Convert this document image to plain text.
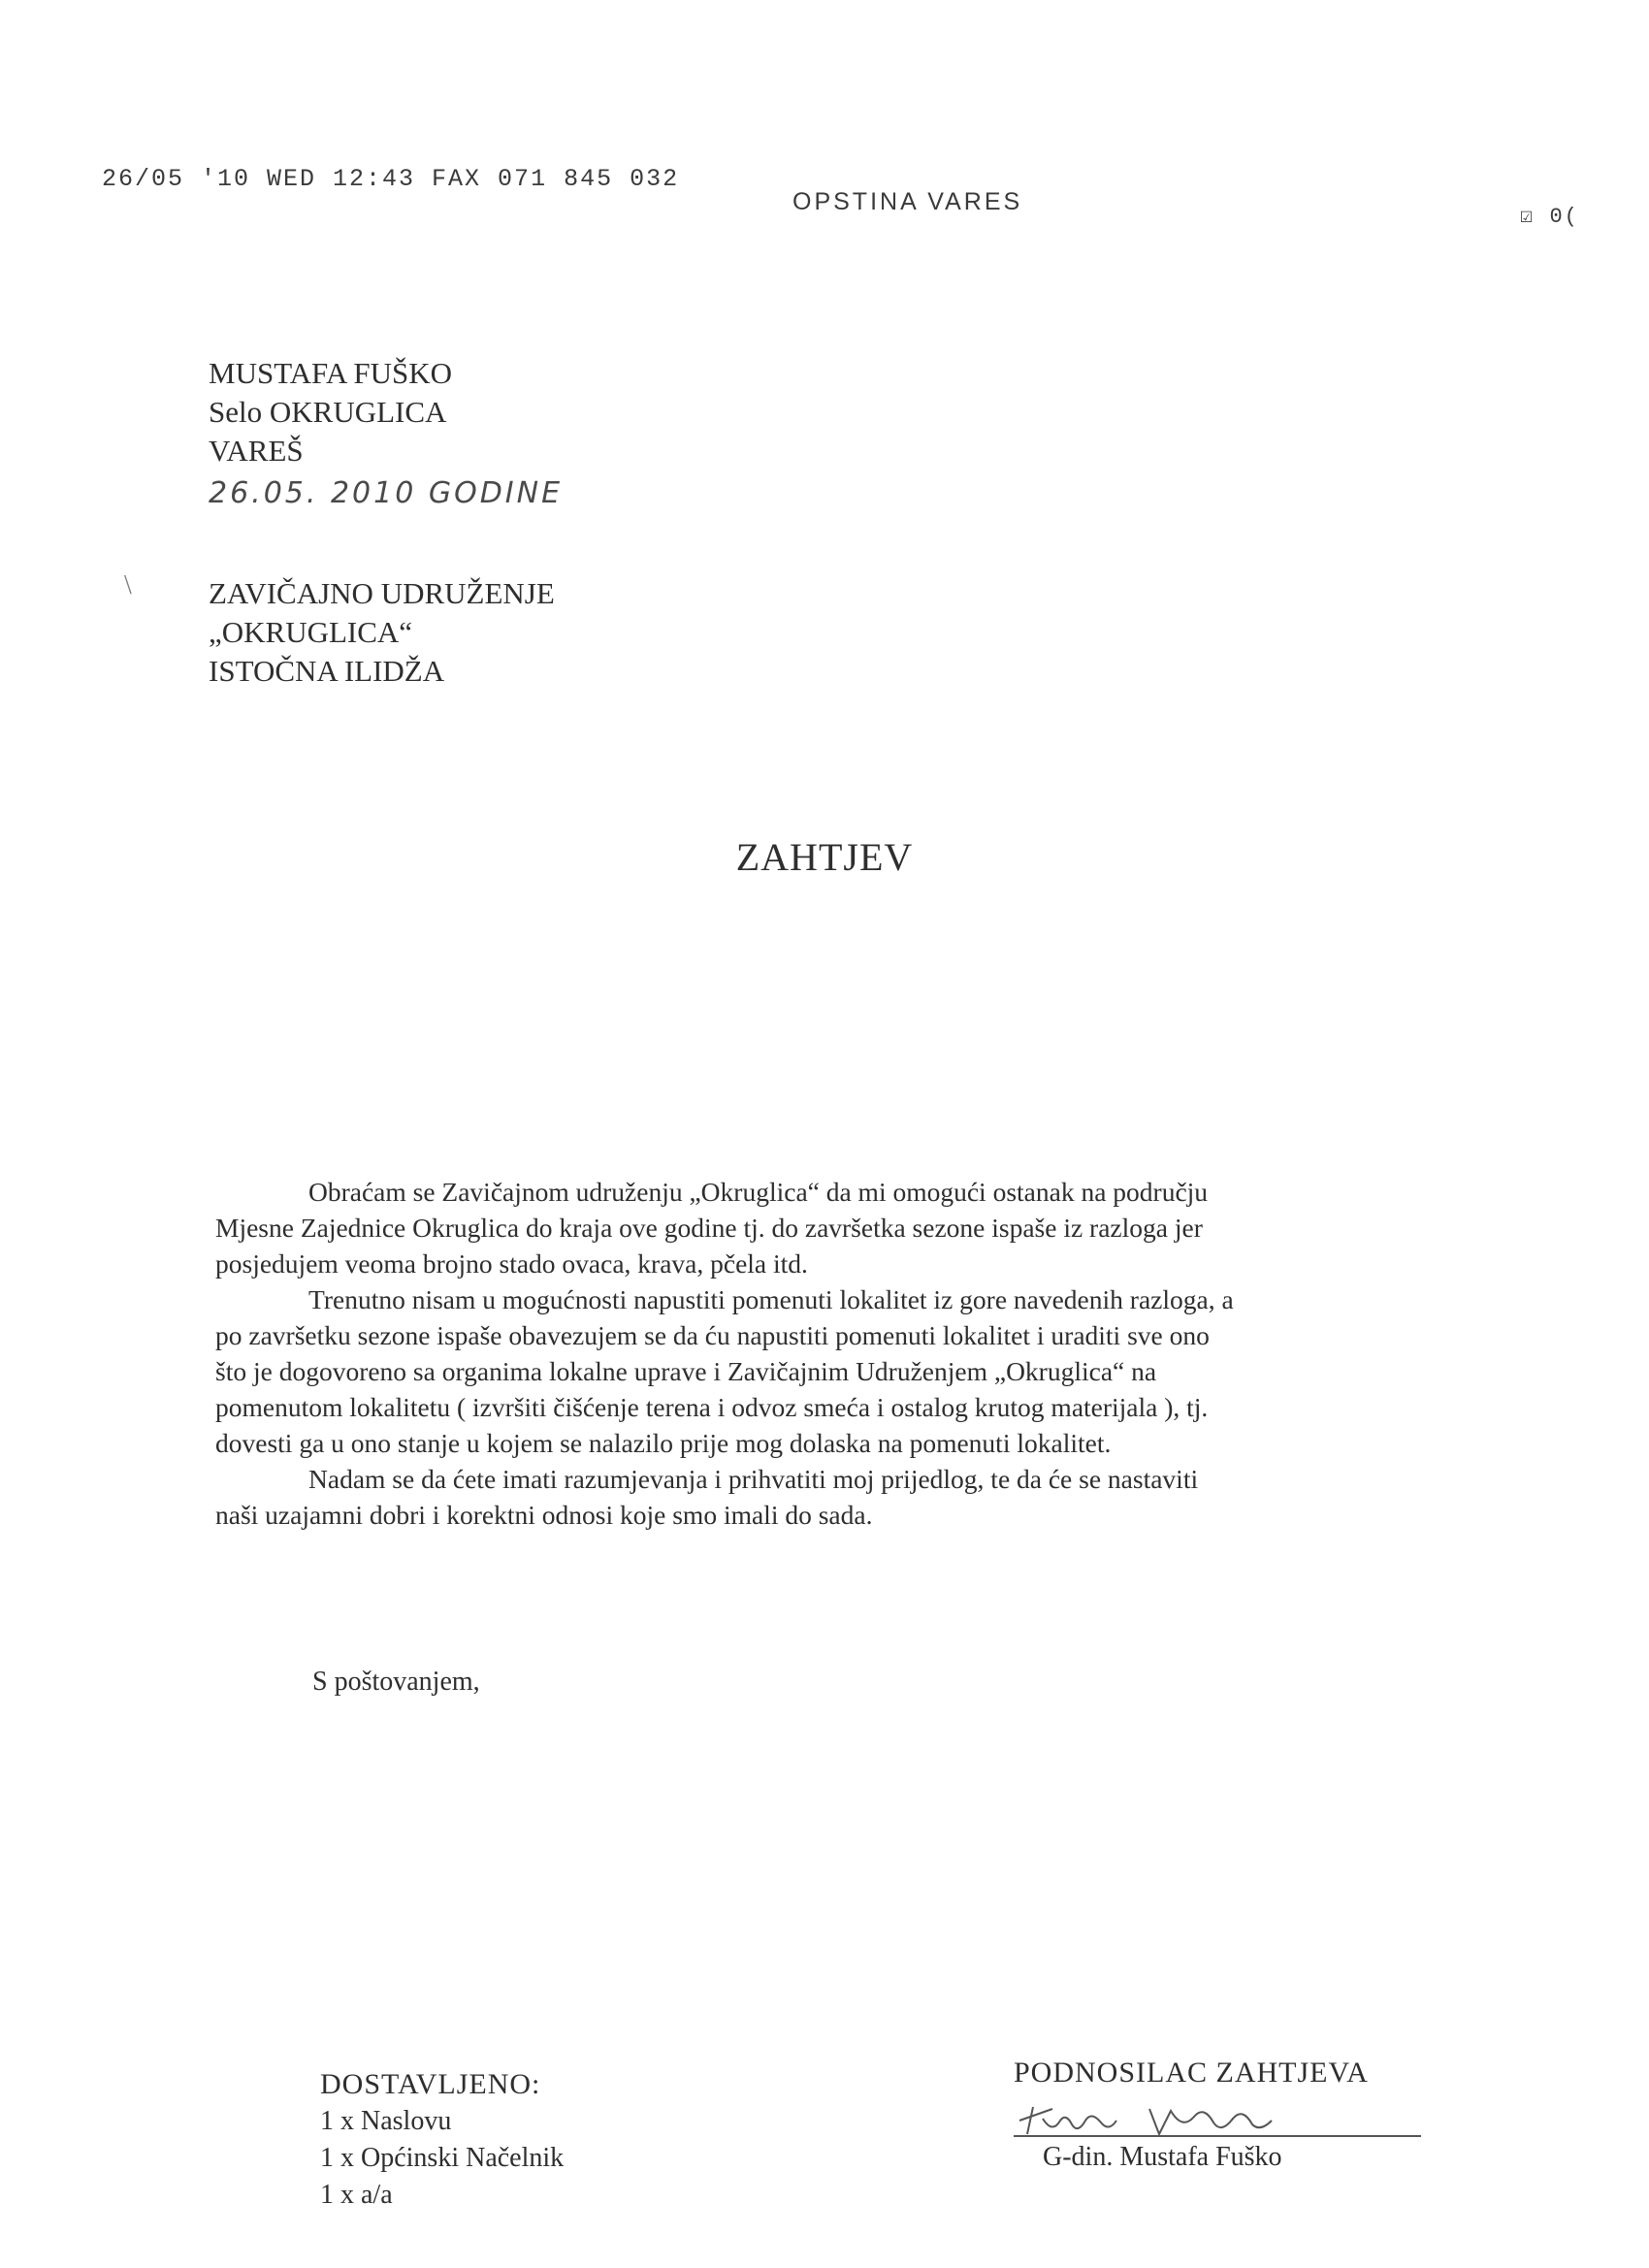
26/05 '10 WED 12:43 FAX 071 845 032
OPSTINA VARES
☑ 0(
MUSTAFA FUŠKO
Selo OKRUGLICA
VAREŠ
26.05. 2010 GODINE
\	ZAVIČAJNO UDRUŽENJE
„OKRUGLICA“
ISTOČNA ILIDŽA
ZAHTJEV
Obraćam se Zavičajnom udruženju „Okruglica“ da mi omogući ostanak na području
Mjesne Zajednice Okruglica do kraja ove godine tj. do završetka sezone ispaše iz razloga jer
posjedujem veoma brojno stado ovaca, krava, pčela itd.
Trenutno nisam u mogućnosti napustiti pomenuti lokalitet iz gore navedenih razloga, a
po završetku sezone ispaše obavezujem se da ću napustiti pomenuti lokalitet i uraditi sve ono
što je dogovoreno sa organima lokalne uprave i Zavičajnim Udruženjem „Okruglica“ na
pomenutom lokalitetu ( izvršiti čišćenje terena i odvoz smeća i ostalog krutog materijala ), tj.
dovesti ga u ono stanje u kojem se nalazilo prije mog dolaska na pomenuti lokalitet.
Nadam se da ćete imati razumjevanja i prihvatiti moj prijedlog, te da će se nastaviti
naši uzajamni dobri i korektni odnosi koje smo imali do sada.
S poštovanjem,
DOSTAVLJENO:
1 x Naslovu
1 x Općinski Načelnik
1 x a/a
PODNOSILAC ZAHTJEVA
G-din. Mustafa Fuško
